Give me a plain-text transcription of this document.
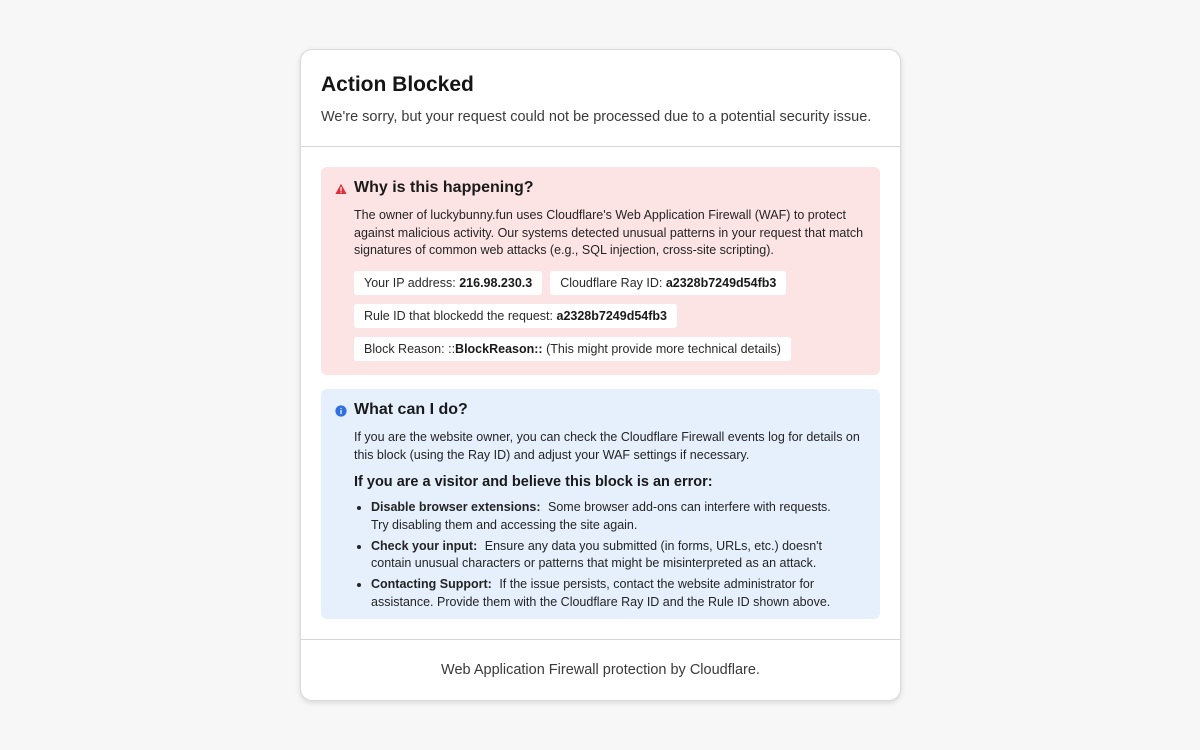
Action Blocked

We're sorry, but your request could not be processed due to a potential security issue.

Why is this happening?

The owner of luckybunny.fun uses Cloudflare's Web Application Firewall (WAF) to protect against malicious activity. Our systems detected unusual patterns in your request that match signatures of common web attacks (e.g., SQL injection, cross-site scripting).

Your IP address: 216.98.230.3	Cloudflare Ray ID: a2328b7249d54fb3
Rule ID that blockedd the request: a2328b7249d54fb3
Block Reason: ::BlockReason:: (This might provide more technical details)
What can I do?

If you are the website owner, you can check the Cloudflare Firewall events log for details on this block (using the Ray ID) and adjust your WAF settings if necessary.

If you are a visitor and believe this block is an error:
• Disable browser extensions: Some browser add-ons can interfere with requests. Try disabling them and accessing the site again.
• Check your input: Ensure any data you submitted (in forms, URLs, etc.) doesn't contain unusual characters or patterns that might be misinterpreted as an attack.
• Contacting Support: If the issue persists, contact the website administrator for assistance. Provide them with the Cloudflare Ray ID and the Rule ID shown above.
Web Application Firewall protection by Cloudflare.
